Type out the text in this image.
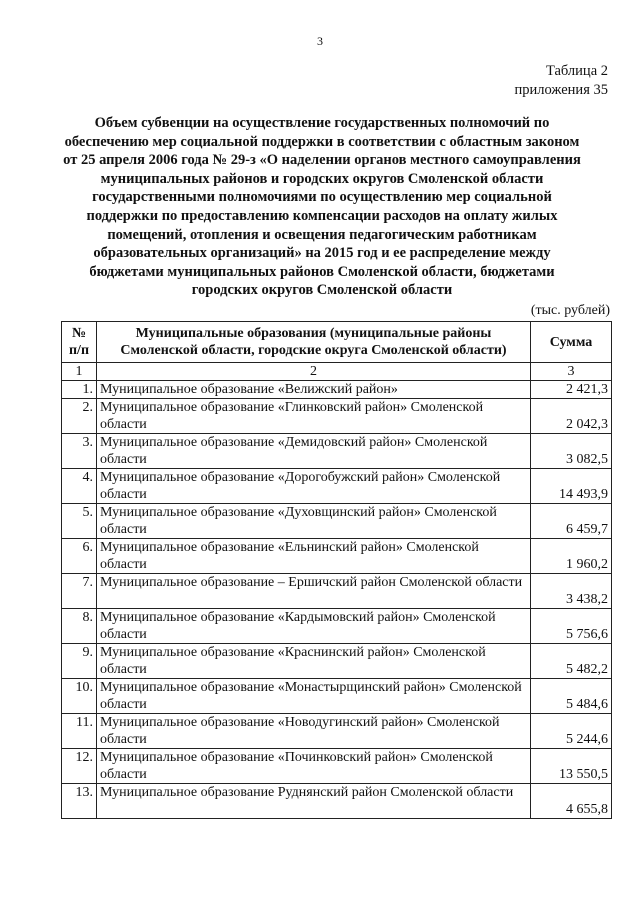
3
Таблица 2
приложения 35
Объем субвенции на осуществление государственных полномочий по
обеспечению мер социальной поддержки в соответствии с областным законом
от 25 апреля 2006 года № 29-з «О наделении органов местного самоуправления
муниципальных районов и городских округов Смоленской области
государственными полномочиями по осуществлению мер социальной
поддержки по предоставлению компенсации расходов на оплату жилых
помещений, отопления и освещения педагогическим работникам
образовательных организаций» на 2015 год и ее распределение между
бюджетами муниципальных районов Смоленской области, бюджетами
городских округов Смоленской области
(тыс. рублей)
№ п/п	Муниципальные образования (муниципальные районы Смоленской области, городские округа Смоленской области)	Сумма
1	2	3
1.	Муниципальное образование «Велижский район»	2 421,3
2.	Муниципальное образование «Глинковский район» Смоленской области	2 042,3
3.	Муниципальное образование «Демидовский район» Смоленской области	3 082,5
4.	Муниципальное образование «Дорогобужский район» Смоленской области	14 493,9
5.	Муниципальное образование «Духовщинский район» Смоленской области	6 459,7
6.	Муниципальное образование «Ельнинский район» Смоленской области	1 960,2
7.	Муниципальное образование – Ершичский район Смоленской области	3 438,2
8.	Муниципальное образование «Кардымовский район» Смоленской области	5 756,6
9.	Муниципальное образование «Краснинский район» Смоленской области	5 482,2
10.	Муниципальное образование «Монастырщинский район» Смоленской области	5 484,6
11.	Муниципальное образование «Новодугинский район» Смоленской области	5 244,6
12.	Муниципальное образование «Починковский район» Смоленской области	13 550,5
13.	Муниципальное образование Руднянский район Смоленской области	4 655,8
